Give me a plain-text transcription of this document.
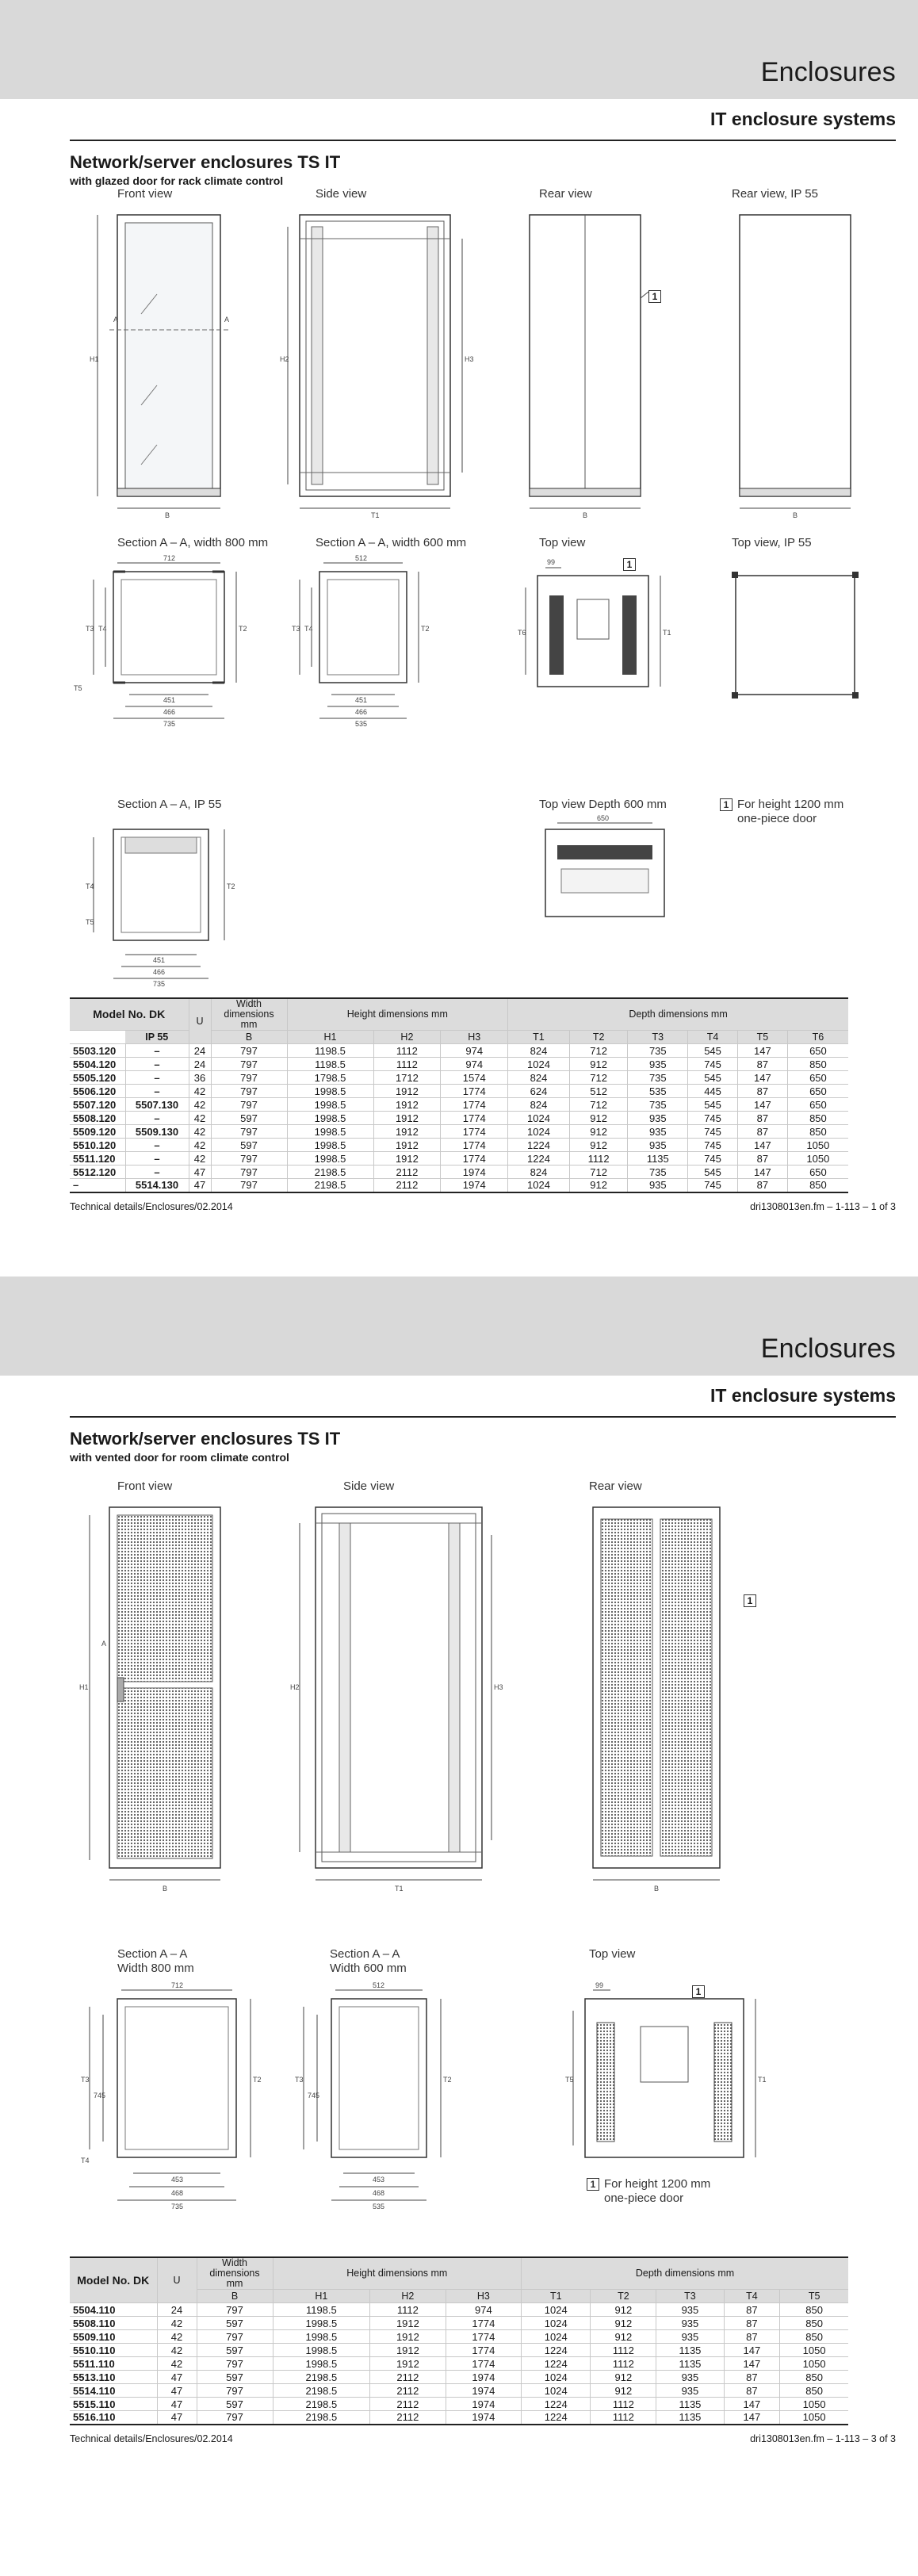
Enclosures
IT enclosure systems
Network/server enclosures TS IT
with glazed door for rack climate control
Front view	Side view	Rear view	Rear view, IP 55
H1
A	A
B
H2	H3
T1	B
1
B
Section A – A, width 800 mm	Section A – A, width 600 mm	Top view	Top view, IP 55
712
T3 T4	T2
T5
451
466
735
512
T3 T4	T2
451
466
535
99
T6	T1
1
Section A – A, IP 55	Top view Depth 600 mm	1 For height 1200 mm
one-piece door
T4	T2
T5
451
466
735
650
Model No. DK		U	Width dimensions mm	Height dimensions mm			Depth dimensions mm					
	IP 55		B	H1	H2	H3	T1	T2	T3	T4	T5	T6
5503.120	–	24	797	1198.5	1112	974	824	712	735	545	147	650
5504.120	–	24	797	1198.5	1112	974	1024	912	935	745	87	850
5505.120	–	36	797	1798.5	1712	1574	824	712	735	545	147	650
5506.120	–	42	797	1998.5	1912	1774	624	512	535	445	87	650
5507.120	5507.130	42	797	1998.5	1912	1774	824	712	735	545	147	650
5508.120	–	42	597	1998.5	1912	1774	1024	912	935	745	87	850
5509.120	5509.130	42	797	1998.5	1912	1774	1024	912	935	745	87	850
5510.120	–	42	597	1998.5	1912	1774	1224	912	935	745	147	1050
5511.120	–	42	797	1998.5	1912	1774	1224	1112	1135	745	87	1050
5512.120	–	47	797	2198.5	2112	1974	824	712	735	545	147	650
–	5514.130	47	797	2198.5	2112	1974	1024	912	935	745	87	850
Technical details/Enclosures/02.2014	dri1308013en.fm – 1-113 – 1 of 3
Enclosures
IT enclosure systems
Network/server enclosures TS IT
with vented door for room climate control
Front view	Side view	Rear view
H1
A
B
H2	H3
T1	B
1
Section A – A
Width 800 mm
Section A – A
Width 600 mm
Top view
712
T3
745
T2
T4
453
468
735
512
T3
745
T2
453
468
535
99
T5	T1
1
1 For height 1200 mm
one-piece door
Model No. DK	U	Width dimensions mm	Height dimensions mm			Depth dimensions mm				
		B	H1	H2	H3	T1	T2	T3	T4	T5
5504.110	24	797	1198.5	1112	974	1024	912	935	87	850
5508.110	42	597	1998.5	1912	1774	1024	912	935	87	850
5509.110	42	797	1998.5	1912	1774	1024	912	935	87	850
5510.110	42	597	1998.5	1912	1774	1224	1112	1135	147	1050
5511.110	42	797	1998.5	1912	1774	1224	1112	1135	147	1050
5513.110	47	597	2198.5	2112	1974	1024	912	935	87	850
5514.110	47	797	2198.5	2112	1974	1024	912	935	87	850
5515.110	47	597	2198.5	2112	1974	1224	1112	1135	147	1050
5516.110	47	797	2198.5	2112	1974	1224	1112	1135	147	1050
Technical details/Enclosures/02.2014	dri1308013en.fm – 1-113 – 3 of 3
